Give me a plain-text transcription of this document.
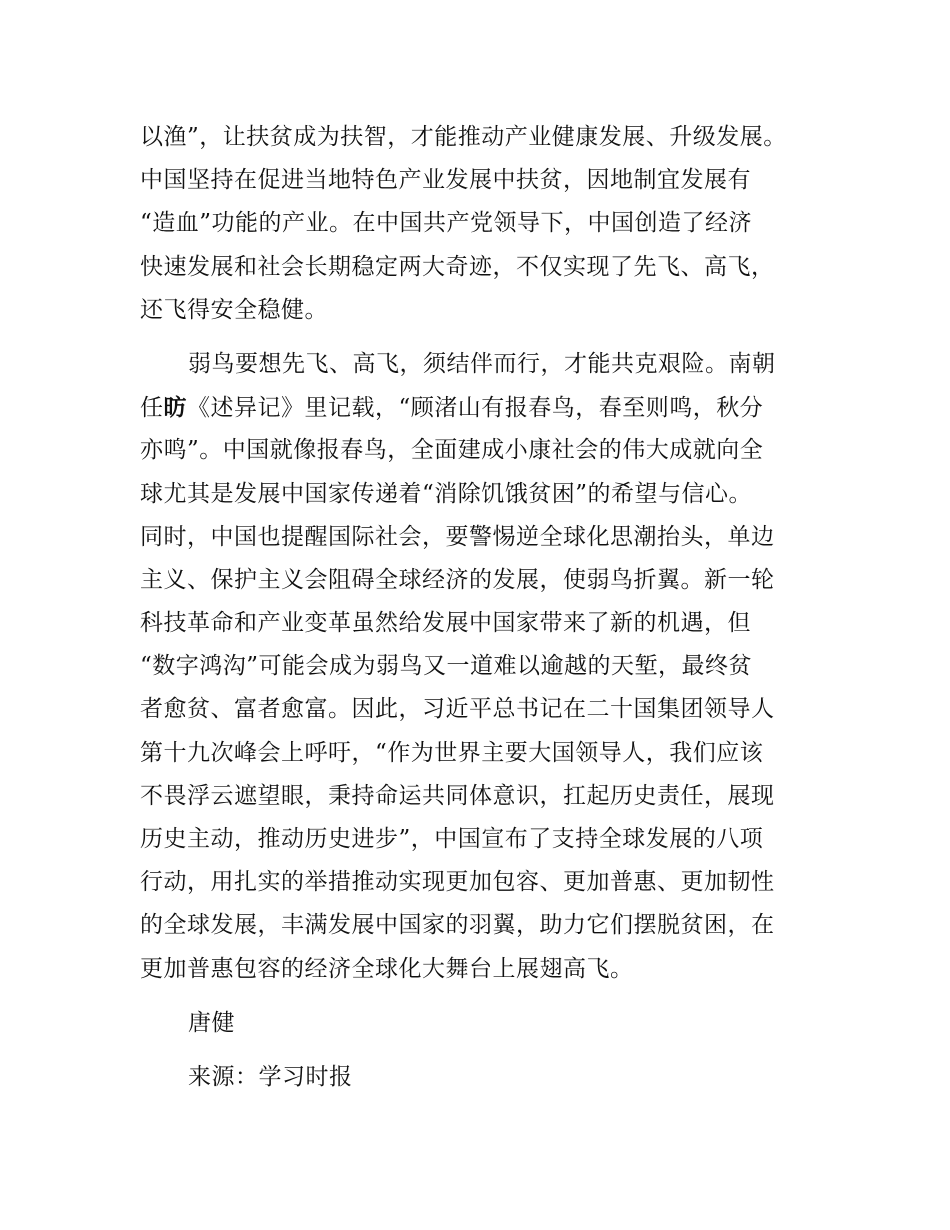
以渔”，让扶贫成为扶智，才能推动产业健康发展、升级发展。
中国坚持在促进当地特色产业发展中扶贫，因地制宜发展有
“造血”功能的产业。在中国共产党领导下，中国创造了经济
快速发展和社会长期稳定两大奇迹，不仅实现了先飞、高飞，
还飞得安全稳健。
弱鸟要想先飞、高飞，须结伴而行，才能共克艰险。南朝
任昉《述异记》里记载，“顾渚山有报春鸟，春至则鸣，秋分
亦鸣”。中国就像报春鸟，全面建成小康社会的伟大成就向全
球尤其是发展中国家传递着“消除饥饿贫困”的希望与信心。
同时，中国也提醒国际社会，要警惕逆全球化思潮抬头，单边
主义、保护主义会阻碍全球经济的发展，使弱鸟折翼。新一轮
科技革命和产业变革虽然给发展中国家带来了新的机遇，但
“数字鸿沟”可能会成为弱鸟又一道难以逾越的天堑，最终贫
者愈贫、富者愈富。因此，习近平总书记在二十国集团领导人
第十九次峰会上呼吁，“作为世界主要大国领导人，我们应该
不畏浮云遮望眼，秉持命运共同体意识，扛起历史责任，展现
历史主动，推动历史进步”，中国宣布了支持全球发展的八项
行动，用扎实的举措推动实现更加包容、更加普惠、更加韧性
的全球发展，丰满发展中国家的羽翼，助力它们摆脱贫困，在
更加普惠包容的经济全球化大舞台上展翅高飞。
唐健
来源：学习时报
